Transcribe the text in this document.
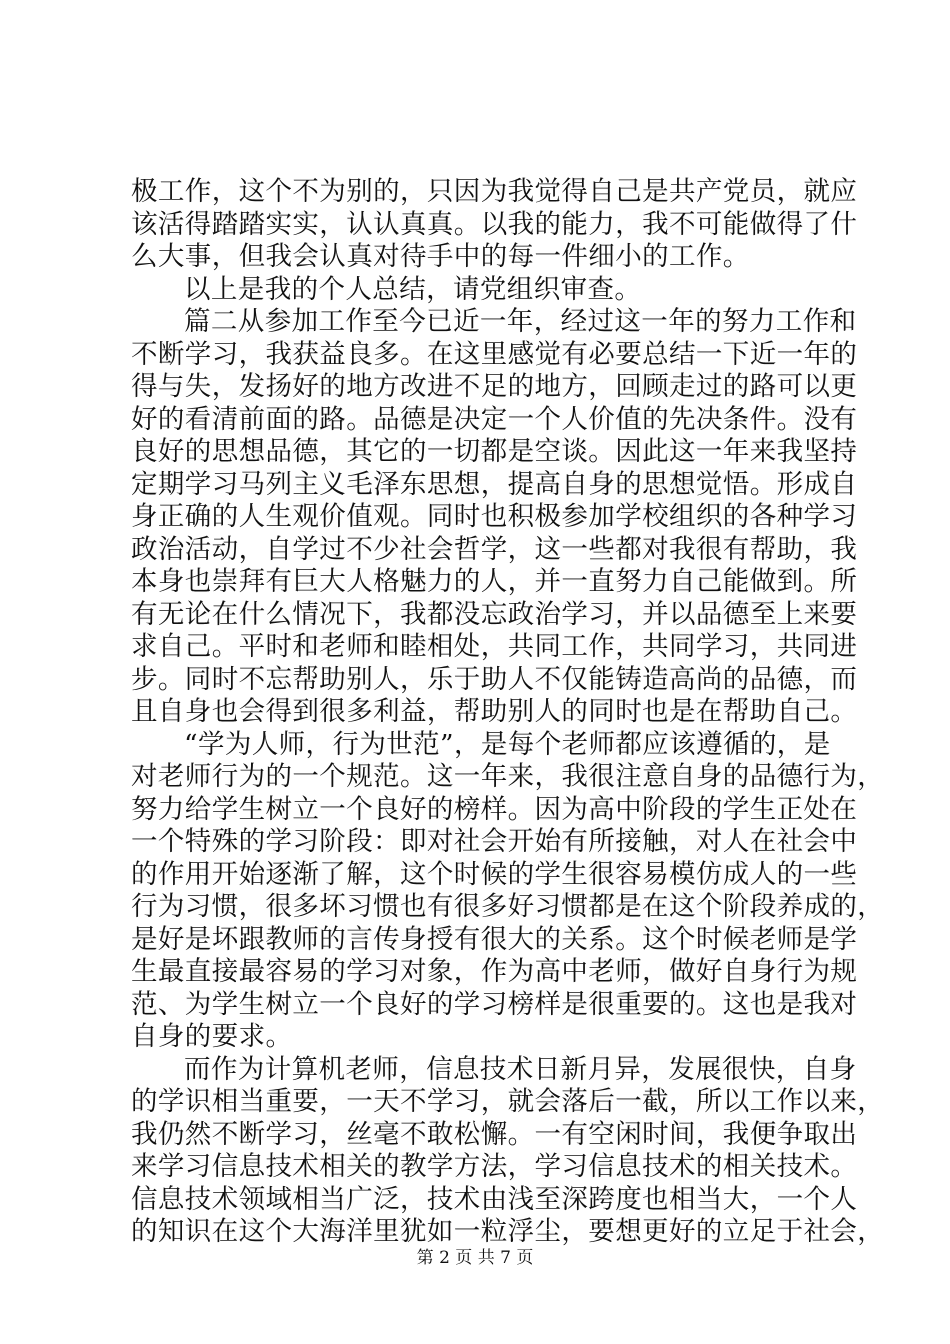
极工作，这个不为别的，只因为我觉得自己是共产党员，就应
该活得踏踏实实，认认真真。以我的能力，我不可能做得了什
么大事，但我会认真对待手中的每一件细小的工作。
以上是我的个人总结，请党组织审查。
篇二从参加工作至今已近一年，经过这一年的努力工作和
不断学习，我获益良多。在这里感觉有必要总结一下近一年的
得与失，发扬好的地方改进不足的地方，回顾走过的路可以更
好的看清前面的路。品德是决定一个人价值的先决条件。没有
良好的思想品德，其它的一切都是空谈。因此这一年来我坚持
定期学习马列主义毛泽东思想，提高自身的思想觉悟。形成自
身正确的人生观价值观。同时也积极参加学校组织的各种学习
政治活动，自学过不少社会哲学，这一些都对我很有帮助，我
本身也崇拜有巨大人格魅力的人，并一直努力自己能做到。所
有无论在什么情况下，我都没忘政治学习，并以品德至上来要
求自己。平时和老师和睦相处，共同工作，共同学习，共同进
步。同时不忘帮助别人，乐于助人不仅能铸造高尚的品德，而
且自身也会得到很多利益，帮助别人的同时也是在帮助自己。
“学为人师，行为世范”，是每个老师都应该遵循的，是
对老师行为的一个规范。这一年来，我很注意自身的品德行为，
努力给学生树立一个良好的榜样。因为高中阶段的学生正处在
一个特殊的学习阶段：即对社会开始有所接触，对人在社会中
的作用开始逐渐了解，这个时候的学生很容易模仿成人的一些
行为习惯，很多坏习惯也有很多好习惯都是在这个阶段养成的，
是好是坏跟教师的言传身授有很大的关系。这个时候老师是学
生最直接最容易的学习对象，作为高中老师，做好自身行为规
范、为学生树立一个良好的学习榜样是很重要的。这也是我对
自身的要求。
而作为计算机老师，信息技术日新月异，发展很快，自身
的学识相当重要，一天不学习，就会落后一截，所以工作以来，
我仍然不断学习，丝毫不敢松懈。一有空闲时间，我便争取出
来学习信息技术相关的教学方法，学习信息技术的相关技术。
信息技术领域相当广泛，技术由浅至深跨度也相当大，一个人
的知识在这个大海洋里犹如一粒浮尘，要想更好的立足于社会，
第 2 页 共 7 页
